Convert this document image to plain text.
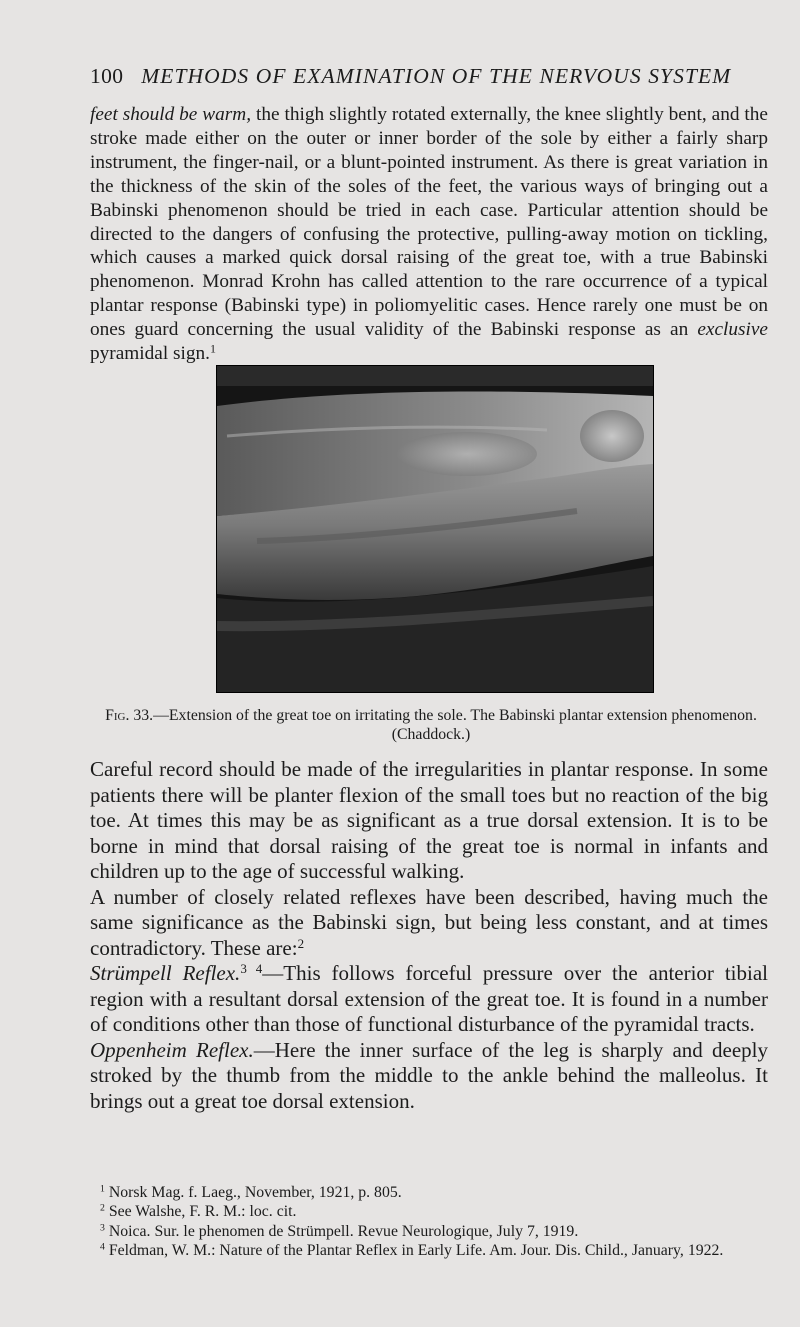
100 METHODS OF EXAMINATION OF THE NERVOUS SYSTEM

feet should be warm, the thigh slightly rotated externally, the knee slightly bent, and the stroke made either on the outer or inner border of the sole by either a fairly sharp instrument, the finger-nail, or a blunt-pointed instrument. As there is great variation in the thickness of the skin of the soles of the feet, the various ways of bringing out a Babinski phenomenon should be tried in each case. Particular attention should be directed to the dangers of confusing the protective, pulling-away motion on tickling, which causes a marked quick dorsal raising of the great toe, with a true Babinski phenomenon. Monrad Krohn has called attention to the rare occurrence of a typical plantar response (Babinski type) in poliomyelitic cases. Hence rarely one must be on ones guard concerning the usual validity of the Babinski response as an exclusive pyramidal sign.$^1$

Fig. 33.—Extension of the great toe on irritating the sole. The Babinski plantar extension phenomenon. (Chaddock.)

Careful record should be made of the irregularities in plantar response. In some patients there will be planter flexion of the small toes but no reaction of the big toe. At times this may be as significant as a true dorsal extension. It is to be borne in mind that dorsal raising of the great toe is normal in infants and children up to the age of successful walking.

A number of closely related reflexes have been described, having much the same significance as the Babinski sign, but being less constant, and at times contradictory. These are:$^2$

Strümpell Reflex.$^3$ $^4$—This follows forceful pressure over the anterior tibial region with a resultant dorsal extension of the great toe. It is found in a number of conditions other than those of functional disturbance of the pyramidal tracts.

Oppenheim Reflex.—Here the inner surface of the leg is sharply and deeply stroked by the thumb from the middle to the ankle behind the malleolus. It brings out a great toe dorsal extension.

$^1$ Norsk Mag. f. Laeg., November, 1921, p. 805.
$^2$ See Walshe, F. R. M.: loc. cit.
$^3$ Noica. Sur. le phenomen de Strümpell. Revue Neurologique, July 7, 1919.
$^4$ Feldman, W. M.: Nature of the Plantar Reflex in Early Life. Am. Jour. Dis. Child., January, 1922.
